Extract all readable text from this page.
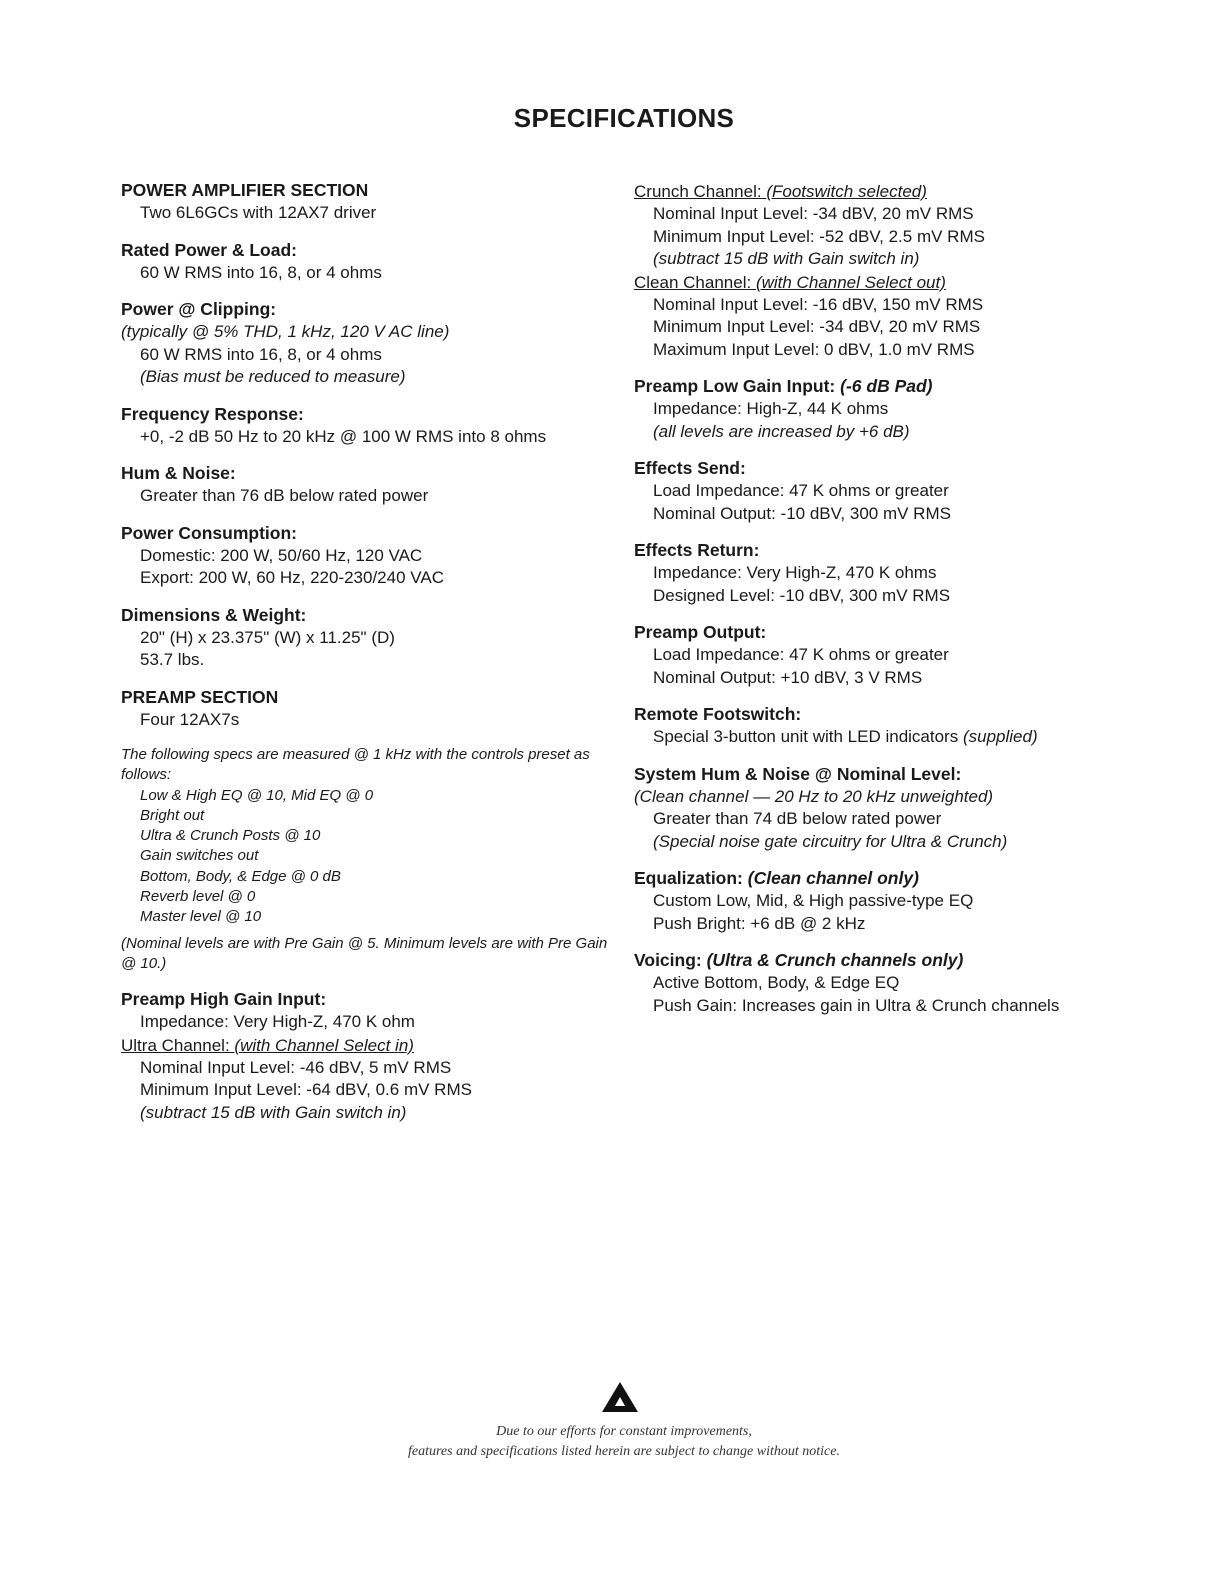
SPECIFICATIONS
POWER AMPLIFIER SECTION
Two 6L6GCs with 12AX7 driver
Rated Power & Load:
60 W RMS into 16, 8, or 4 ohms
Power @ Clipping:
(typically @ 5% THD, 1 kHz, 120 V AC line)
60 W RMS into 16, 8, or 4 ohms
(Bias must be reduced to measure)
Frequency Response:
+0, -2 dB 50 Hz to 20 kHz @ 100 W RMS into 8 ohms
Hum & Noise:
Greater than 76 dB below rated power
Power Consumption:
Domestic: 200 W, 50/60 Hz, 120 VAC
Export: 200 W, 60 Hz, 220-230/240 VAC
Dimensions & Weight:
20" (H) x 23.375" (W) x 11.25" (D)
53.7 lbs.
PREAMP SECTION
Four 12AX7s
The following specs are measured @ 1 kHz with the controls preset as follows:
Low & High EQ @ 10, Mid EQ @ 0
Bright out
Ultra & Crunch Posts @ 10
Gain switches out
Bottom, Body, & Edge @ 0 dB
Reverb level @ 0
Master level @ 10
(Nominal levels are with Pre Gain @ 5. Minimum levels are with Pre Gain @ 10.)
Preamp High Gain Input:
Impedance: Very High-Z, 470 K ohm
Ultra Channel: (with Channel Select in)
Nominal Input Level: -46 dBV, 5 mV RMS
Minimum Input Level: -64 dBV, 0.6 mV RMS
(subtract 15 dB with Gain switch in)
Crunch Channel: (Footswitch selected)
Nominal Input Level: -34 dBV, 20 mV RMS
Minimum Input Level: -52 dBV, 2.5 mV RMS
(subtract 15 dB with Gain switch in)
Clean Channel: (with Channel Select out)
Nominal Input Level: -16 dBV, 150 mV RMS
Minimum Input Level: -34 dBV, 20 mV RMS
Maximum Input Level: 0 dBV, 1.0 mV RMS
Preamp Low Gain Input: (-6 dB Pad)
Impedance: High-Z, 44 K ohms
(all levels are increased by +6 dB)
Effects Send:
Load Impedance: 47 K ohms or greater
Nominal Output: -10 dBV, 300 mV RMS
Effects Return:
Impedance: Very High-Z, 470 K ohms
Designed Level: -10 dBV, 300 mV RMS
Preamp Output:
Load Impedance: 47 K ohms or greater
Nominal Output: +10 dBV, 3 V RMS
Remote Footswitch:
Special 3-button unit with LED indicators (supplied)
System Hum & Noise @ Nominal Level:
(Clean channel — 20 Hz to 20 kHz unweighted)
Greater than 74 dB below rated power
(Special noise gate circuitry for Ultra & Crunch)
Equalization: (Clean channel only)
Custom Low, Mid, & High passive-type EQ
Push Bright: +6 dB @ 2 kHz
Voicing: (Ultra & Crunch channels only)
Active Bottom, Body, & Edge EQ
Push Gain: Increases gain in Ultra & Crunch channels
Due to our efforts for constant improvements,
features and specifications listed herein are subject to change without notice.
